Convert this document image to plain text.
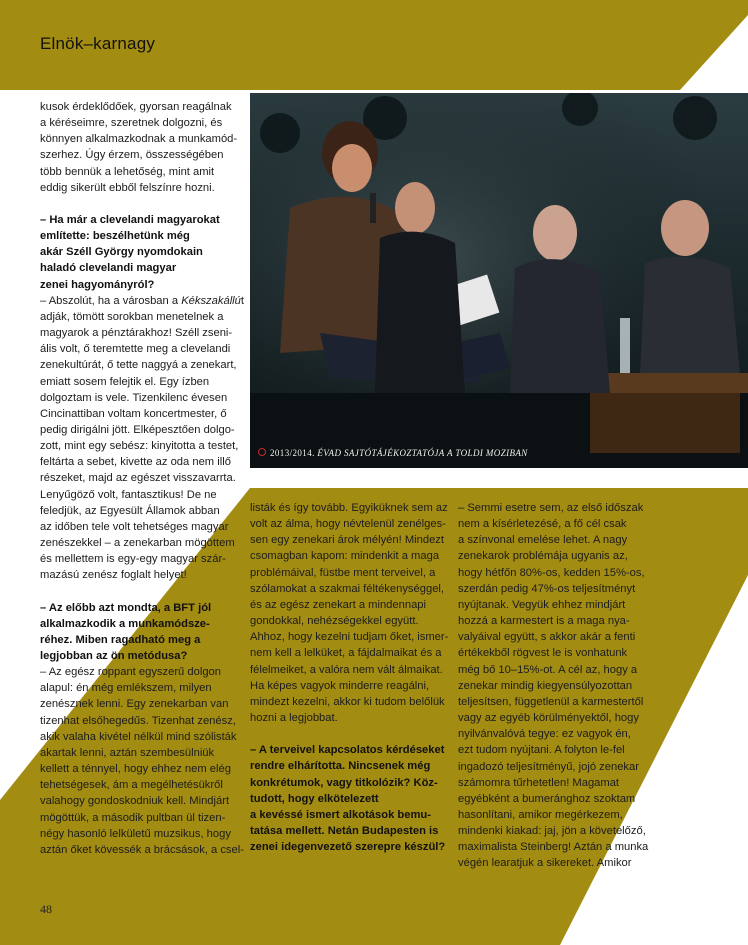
Elnök–karnagy
2013/2014. ÉVAD SAJTÓTÁJÉKOZTATÓJA A TOLDI MOZIBAN

kusok érdeklődőek, gyorsan reagálnak

a kéréseimre, szeretnek dolgozni, és

könnyen alkalmazkodnak a munkamód-

szerhez. Úgy érzem, összességében

több bennük a lehetőség, mint amit

eddig sikerült ebből felszínre hozni.

– Ha már a clevelandi magyarokat

említette: beszélhetünk még

akár Széll György nyomdokain

haladó clevelandi magyar

zenei hagyományról?

– Abszolút, ha a városban a Kékszakállút

adják, tömött sorokban menetelnek a

magyarok a pénztárakhoz! Széll zseni-

ális volt, ő teremtette meg a clevelandi

zenekultúrát, ő tette naggyá a zenekart,

emiatt sosem felejtik el. Egy ízben

dolgoztam is vele. Tizenkilenc évesen

Cincinattiban voltam koncertmester, ő

pedig dirigálni jött. Elképesztően dolgo-

zott, mint egy sebész: kinyitotta a testet,

feltárta a sebet, kivette az oda nem illő

részeket, majd az egészet visszavarrta.

Lenyűgöző volt, fantasztikus! De ne

feledjük, az Egyesült Államok abban

az időben tele volt tehetséges magyar

zenészekkel – a zenekarban mögöttem

és mellettem is egy-egy magyar szár-

mazású zenész foglalt helyet!

– Az előbb azt mondta, a BFT jól

alkalmazkodik a munkamódsze-

réhez. Miben ragadható meg a

legjobban az ön metódusa?

– Az egész roppant egyszerű dolgon

alapul: én még emlékszem, milyen

zenésznek lenni. Egy zenekarban van

tizenhat elsőhegedűs. Tizenhat zenész,

akik valaha kivétel nélkül mind szólisták

akartak lenni, aztán szembesülniük

kellett a ténnyel, hogy ehhez nem elég

tehetségesek, ám a megélhetésükről

valahogy gondoskodniuk kell. Mindjárt

mögöttük, a második pultban ül tizen-

négy hasonló lelkületű muzsikus, hogy

aztán őket kövessék a brácsások, a csel-

listák és így tovább. Egyiküknek sem az

volt az álma, hogy névtelenül zenélges-

sen egy zenekari árok mélyén! Mindezt

csomagban kapom: mindenkit a maga

problémáival, füstbe ment terveivel, a

szólamokat a szakmai féltékenységgel,

és az egész zenekart a mindennapi

gondokkal, nehézségekkel együtt.

Ahhoz, hogy kezelni tudjam őket, ismer-

nem kell a lelküket, a fájdalmaikat és a

félelmeiket, a valóra nem vált álmaikat.

Ha képes vagyok minderre reagálni,

mindezt kezelni, akkor ki tudom belőlük

hozni a legjobbat.

– A terveivel kapcsolatos kérdéseket

rendre elhárította. Nincsenek még

konkrétumok, vagy titkolózik? Köz-

tudott, hogy elkötelezett

a kevéssé ismert alkotások bemu-

tatása mellett. Netán Budapesten is

zenei idegenvezető szerepre készül?

– Semmi esetre sem, az első időszak

nem a kísérletezésé, a fő cél csak

a színvonal emelése lehet. A nagy

zenekarok problémája ugyanis az,

hogy hétfőn 80%-os, kedden 15%-os,

szerdán pedig 47%-os teljesítményt

nyújtanak. Vegyük ehhez mindjárt

hozzá a karmestert is a maga nya-

valyáival együtt, s akkor akár a fenti

értékekből rögvest le is vonhatunk

még bő 10–15%-ot. A cél az, hogy a

zenekar mindig kiegyensúlyozottan

teljesítsen, függetlenül a karmestertől

vagy az egyéb körülményektől, hogy

nyilvánvalóvá tegye: ez vagyok én,

ezt tudom nyújtani. A folyton le-fel

ingadozó teljesítményű, jojó zenekar

számomra tűrhetetlen! Magamat

egyébként a bumeránghoz szoktam

hasonlítani, amikor megérkezem,

mindenki kiakad: jaj, jön a követelőző,

maximalista Steinberg! Aztán a munka

végén learatjuk a sikereket. Amikor

48
